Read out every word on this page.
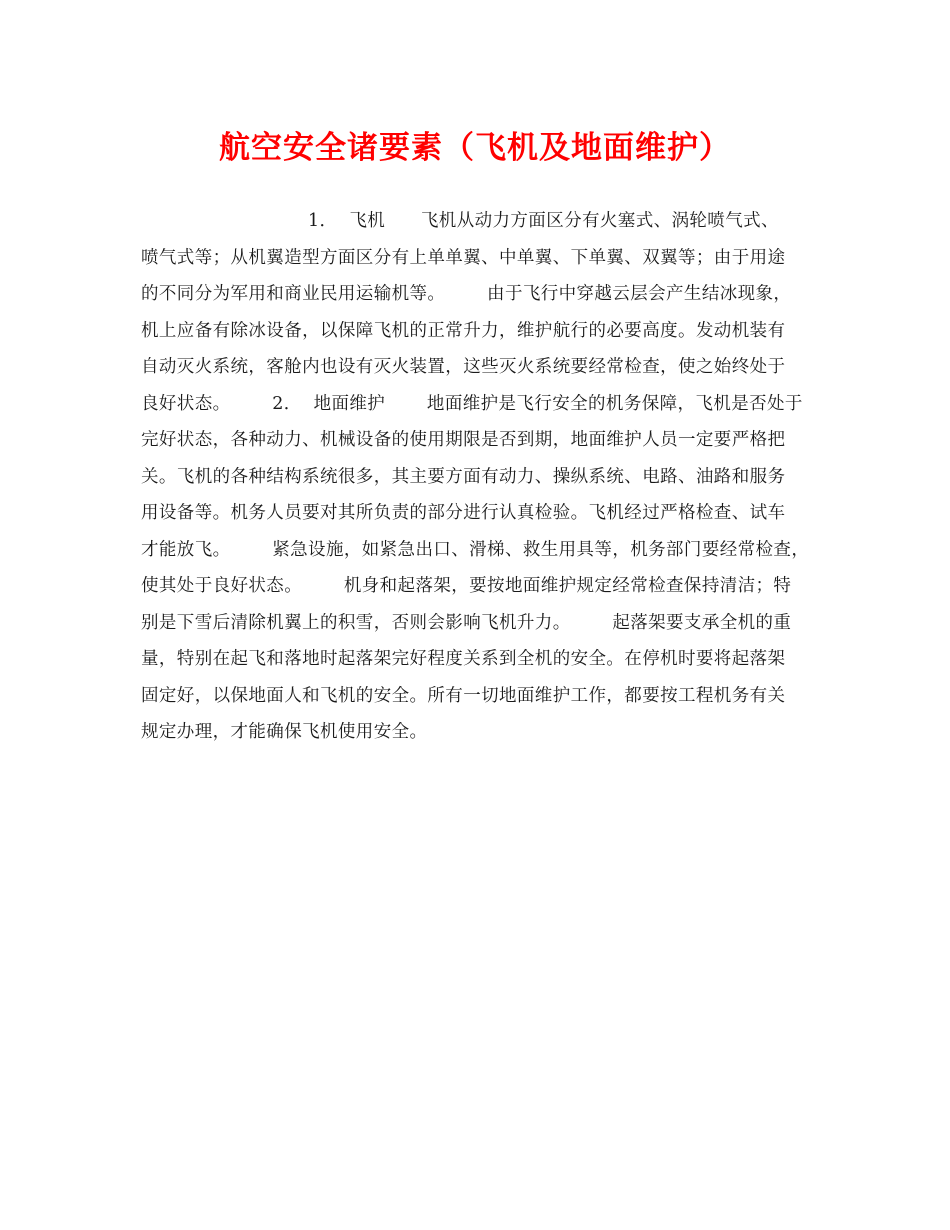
航空安全诸要素（飞机及地面维护）
1．  飞机      飞机从动力方面区分有火塞式、涡轮喷气式、
喷气式等；从机翼造型方面区分有上单单翼、中单翼、下单翼、双翼等；由于用途
的不同分为军用和商业民用运输机等。       由于飞行中穿越云层会产生结冰现象，
机上应备有除冰设备，以保障飞机的正常升力，维护航行的必要高度。发动机装有
自动灭火系统，客舱内也设有灭火装置，这些灭火系统要经常检查，使之始终处于
良好状态。       2．  地面维护       地面维护是飞行安全的机务保障，飞机是否处于
完好状态，各种动力、机械设备的使用期限是否到期，地面维护人员一定要严格把
关。飞机的各种结构系统很多，其主要方面有动力、操纵系统、电路、油路和服务
用设备等。机务人员要对其所负责的部分进行认真检验。飞机经过严格检查、试车
才能放飞。       紧急设施，如紧急出口、滑梯、救生用具等，机务部门要经常检查，
使其处于良好状态。       机身和起落架，要按地面维护规定经常检查保持清洁；特
别是下雪后清除机翼上的积雪，否则会影响飞机升力。       起落架要支承全机的重
量，特别在起飞和落地时起落架完好程度关系到全机的安全。在停机时要将起落架
固定好，以保地面人和飞机的安全。所有一切地面维护工作，都要按工程机务有关
规定办理，才能确保飞机使用安全。
